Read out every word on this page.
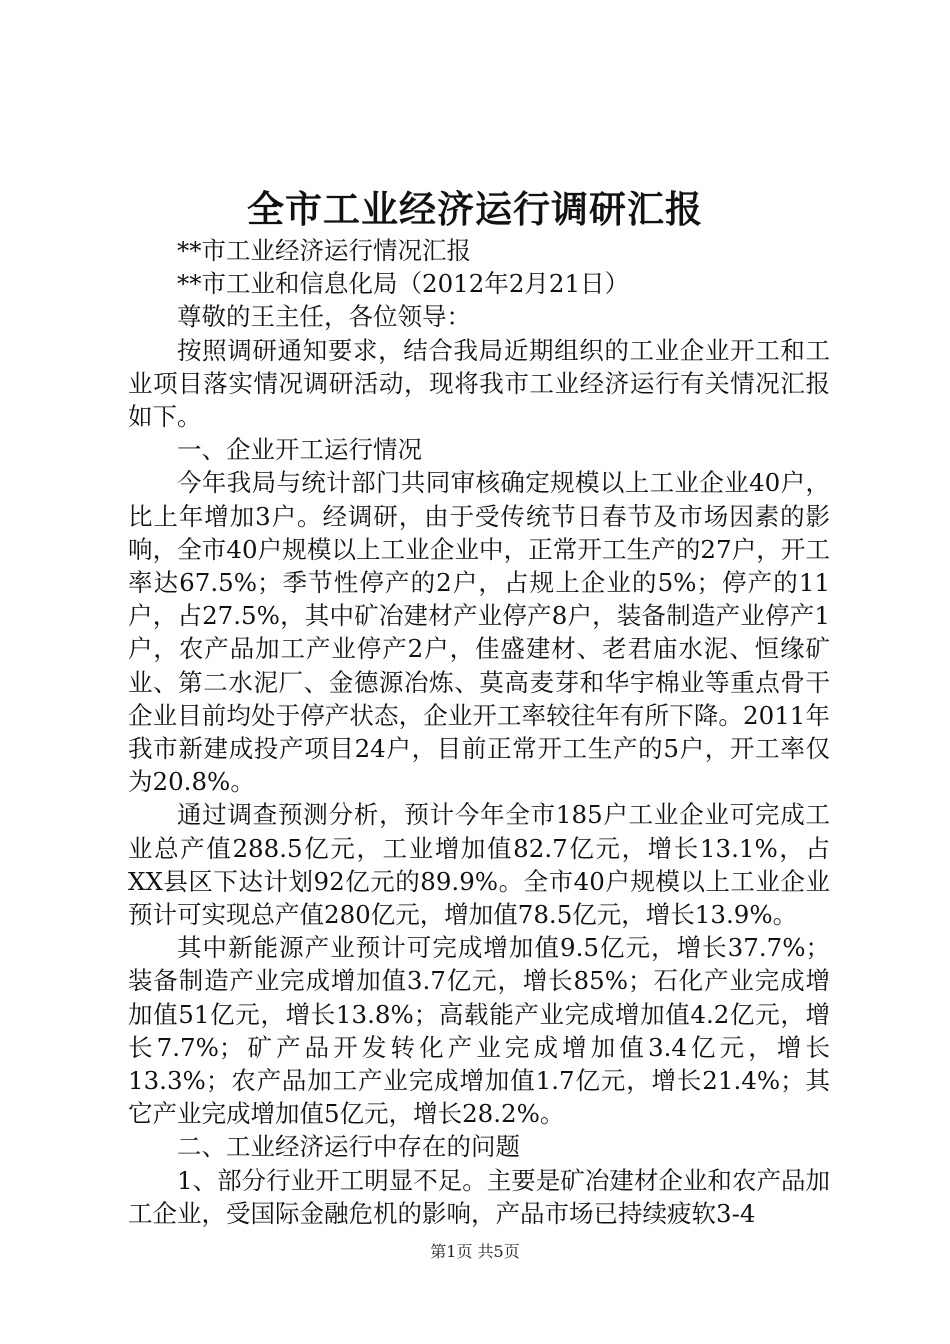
全市工业经济运行调研汇报

**市工业经济运行情况汇报

**市工业和信息化局（2012年2月21日）

尊敬的王主任，各位领导：

按照调研通知要求，结合我局近期组织的工业企业开工和工业项目落实情况调研活动，现将我市工业经济运行有关情况汇报如下。

一、企业开工运行情况

今年我局与统计部门共同审核确定规模以上工业企业40户，比上年增加3户。经调研，由于受传统节日春节及市场因素的影响，全市40户规模以上工业企业中，正常开工生产的27户，开工率达67.5%；季节性停产的2户，占规上企业的5%；停产的11户，占27.5%，其中矿冶建材产业停产8户，装备制造产业停产1户，农产品加工产业停产2户，佳盛建材、老君庙水泥、恒缘矿业、第二水泥厂、金德源冶炼、莫高麦芽和华宇棉业等重点骨干企业目前均处于停产状态，企业开工率较往年有所下降。2011年我市新建成投产项目24户，目前正常开工生产的5户，开工率仅为20.8%。

通过调查预测分析，预计今年全市185户工业企业可完成工业总产值288.5亿元，工业增加值82.7亿元，增长13.1%，占XX县区下达计划92亿元的89.9%。全市40户规模以上工业企业预计可实现总产值280亿元，增加值78.5亿元，增长13.9%。

其中新能源产业预计可完成增加值9.5亿元，增长37.7%；装备制造产业完成增加值3.7亿元，增长85%；石化产业完成增加值51亿元，增长13.8%；高载能产业完成增加值4.2亿元，增长7.7%；矿产品开发转化产业完成增加值3.4亿元，增长13.3%；农产品加工产业完成增加值1.7亿元，增长21.4%；其它产业完成增加值5亿元，增长28.2%。

二、工业经济运行中存在的问题

1、部分行业开工明显不足。主要是矿冶建材企业和农产品加工企业，受国际金融危机的影响，产品市场已持续疲软3-4

第1页 共5页
